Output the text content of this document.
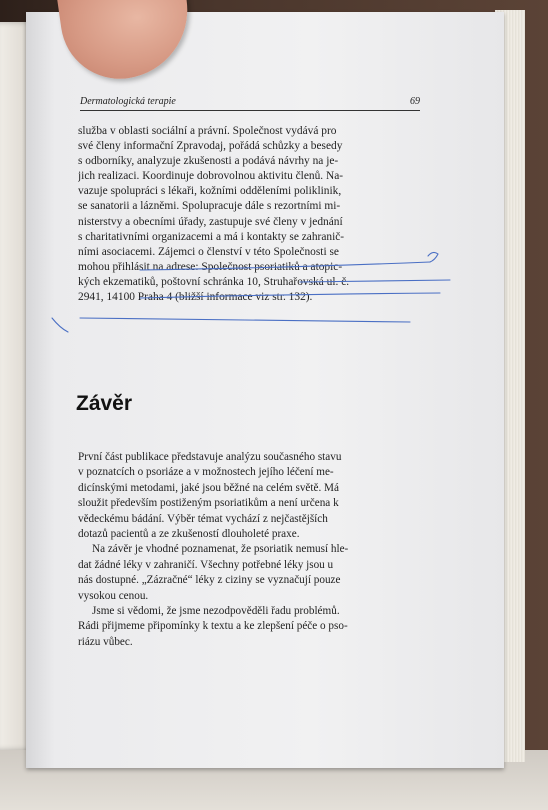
Dermatologická terapie	69
služba v oblasti sociální a právní. Společnost vydává pro
své členy informační Zpravodaj, pořádá schůzky a besedy
s odborníky, analyzuje zkušenosti a podává návrhy na je-
jich realizaci. Koordinuje dobrovolnou aktivitu členů. Na-
vazuje spolupráci s lékaři, kožními odděleními poliklinik,
se sanatorii a lázněmi. Spolupracuje dále s rezortními mi-
nisterstvy a obecními úřady, zastupuje své členy v jednání
s charitativními organizacemi a má i kontakty se zahranič-
ními asociacemi. Zájemci o členství v této Společnosti se
mohou přihlásit na adrese: Společnost psoriatiků a atopic-
kých ekzematiků, poštovní schránka 10, Struhařovská ul. č.
2941, 14100 Praha 4 (bližší informace viz str. 132).
Závěr
První část publikace představuje analýzu současného stavu
v poznatcích o psoriáze a v možnostech jejího léčení me-
dicínskými metodami, jaké jsou běžné na celém světě. Má
sloužit především postiženým psoriatikům a není určena k
vědeckému bádání. Výběr témat vychází z nejčastějších
dotazů pacientů a ze zkušeností dlouholeté praxe.
Na závěr je vhodné poznamenat, že psoriatik nemusí hle-
dat žádné léky v zahraničí. Všechny potřebné léky jsou u
nás dostupné. „Zázračné“ léky z ciziny se vyznačují pouze
vysokou cenou.
Jsme si vědomi, že jsme nezodpověděli řadu problémů.
Rádi přijmeme připomínky k textu a ke zlepšení péče o pso-
riázu vůbec.
